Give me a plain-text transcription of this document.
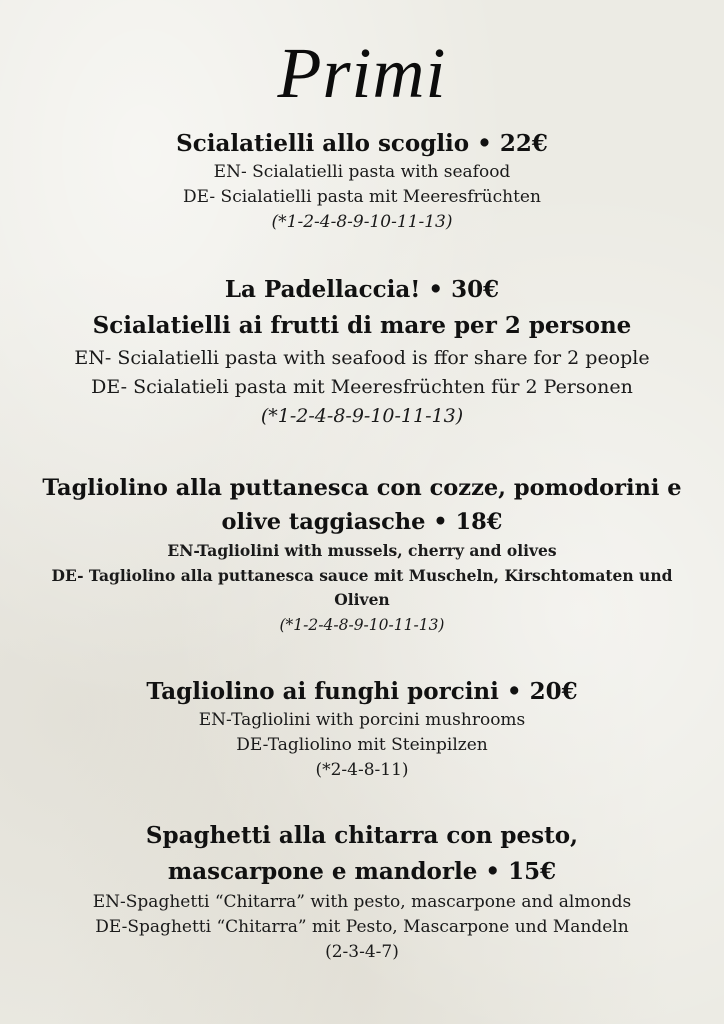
Primi

Scialatielli allo scoglio • 22€

EN- Scialatielli pasta with seafood

DE- Scialatielli pasta mit Meeresfrüchten

(*1-2-4-8-9-10-11-13)

La Padellaccia! • 30€

Scialatielli ai frutti di mare per 2 persone

EN- Scialatielli pasta with seafood is ffor share for 2 people

DE- Scialatieli pasta mit Meeresfrüchten für 2 Personen

(*1-2-4-8-9-10-11-13)

Tagliolino alla puttanesca con cozze, pomodorini e

olive taggiasche • 18€

EN-Tagliolini with mussels, cherry and olives

DE- Tagliolino alla puttanesca sauce mit Muscheln, Kirschtomaten und

Oliven

(*1-2-4-8-9-10-11-13)

Tagliolino ai funghi porcini • 20€

EN-Tagliolini with porcini mushrooms

DE-Tagliolino mit Steinpilzen

(*2-4-8-11)

Spaghetti alla chitarra con pesto,

mascarpone e mandorle • 15€

EN-Spaghetti “Chitarra” with pesto, mascarpone and almonds

DE-Spaghetti “Chitarra” mit Pesto, Mascarpone und Mandeln

(2-3-4-7)
